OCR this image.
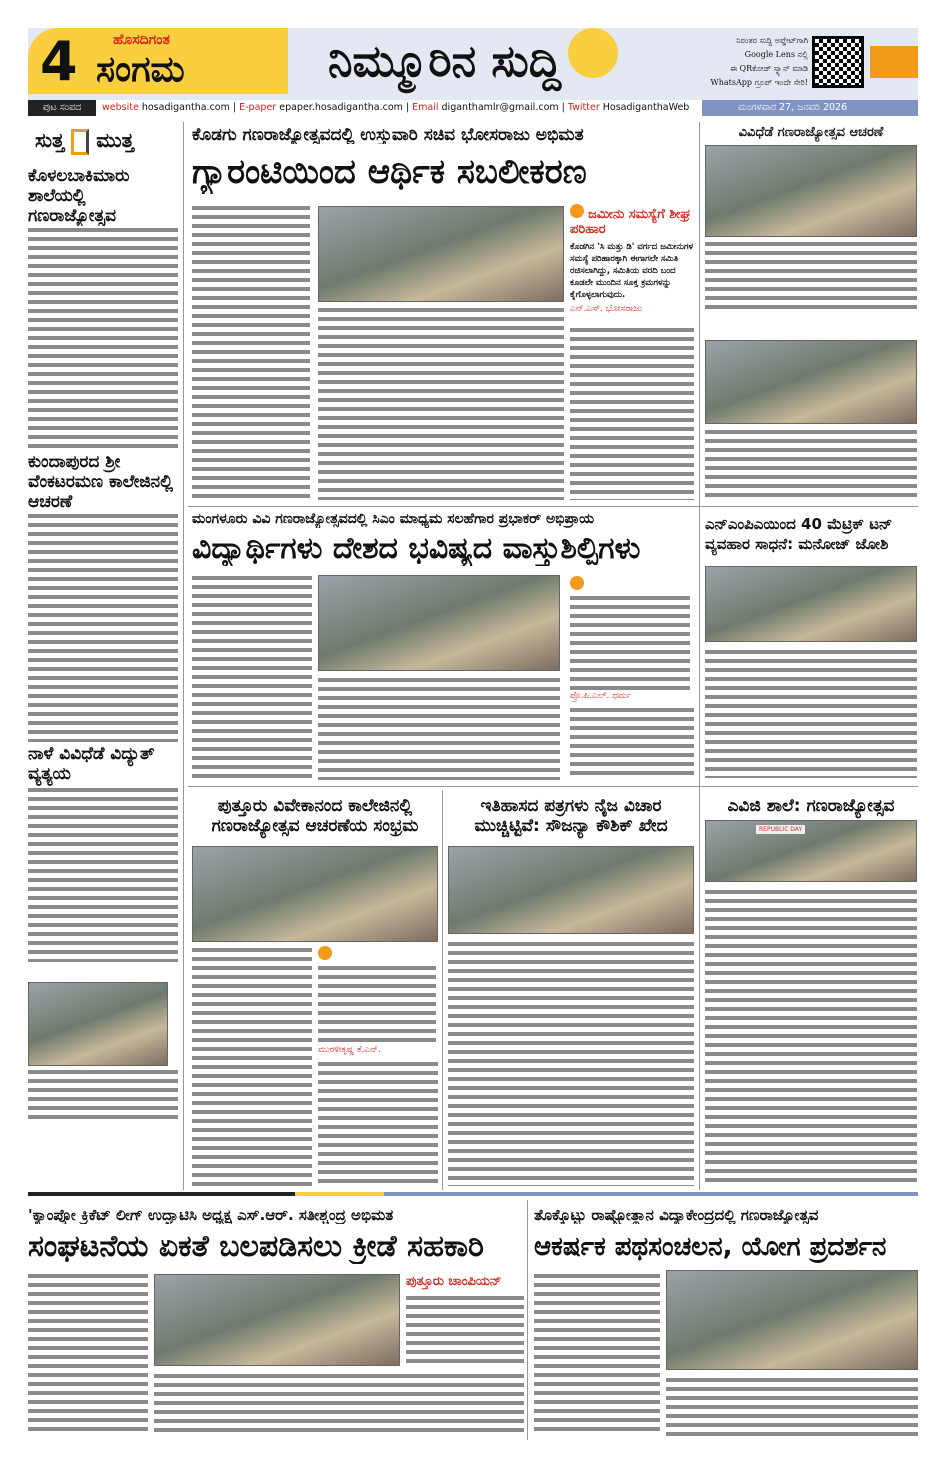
4	ಹೊಸದಿಗಂತ
ಸಂಗಮ	ನಿಮ್ಮೂರಿನ ಸುದ್ದಿ	ನಿರಂತರ ಸುದ್ದಿ ಅಪ್ಡೇಟ್‌ಗಾಗಿ
Google Lens ನಲ್ಲಿ
ಈ QRಕೋಡ್ ಸ್ಕ್ಯಾನ್ ಮಾಡಿ
WhatsApp ಗ್ರೂಪ್ ಇಂದೇ ಸೇರಿ!
ಪುಟ ಸಂಪದ	website hosadigantha.com | E-paper epaper.hosadigantha.com | Email diganthamlr@gmail.com | Twitter HosadiganthaWeb	ಮಂಗಳವಾರ 27, ಜನವರಿ 2026
ಸುತ್ತ ಮುತ್ತ
ಕೊಳಲಬಾಕಿಮಾರು ಶಾಲೆಯಲ್ಲಿ ಗಣರಾಜ್ಯೋತ್ಸವ
ಕುಂದಾಪುರದ ಶ್ರೀ ವೆಂಕಟರಮಣ ಕಾಲೇಜಿನಲ್ಲಿ ಆಚರಣೆ
ನಾಳೆ ವಿವಿಧೆಡೆ ವಿದ್ಯುತ್ ವ್ಯತ್ಯಯ
ಕೊಡಗು ಗಣರಾಜ್ಯೋತ್ಸವದಲ್ಲಿ ಉಸ್ತುವಾರಿ ಸಚಿವ ಭೋಸರಾಜು ಅಭಿಮತ
ಗ್ಯಾರಂಟಿಯಿಂದ ಆರ್ಥಿಕ ಸಬಲೀಕರಣ
ಜಮೀನು ಸಮಸ್ಯೆಗೆ ಶೀಘ್ರ ಪರಿಹಾರ
ಕೊಡಗಿನ 'ಸಿ ಮತ್ತು ಡಿ' ವರ್ಗದ ಜಮೀನುಗಳ ಸಮಸ್ಯೆ ಪರಿಹಾರಕ್ಕಾಗಿ ಈಗಾಗಲೇ ಸಮಿತಿ ರಚಿಸಲಾಗಿದ್ದು, ಸಮಿತಿಯ ವರದಿ ಬಂದ ಕೂಡಲೇ ಮುಂದಿನ ಸೂಕ್ತ ಕ್ರಮಗಳನ್ನು ಕೈಗೊಳ್ಳಲಾಗುವುದು.
ಎನ್.ಎಸ್. ಭೋಸರಾಜು
ವಿವಿಧೆಡೆ ಗಣರಾಜ್ಯೋತ್ಸವ ಆಚರಣೆ
ಮಂಗಳೂರು ವಿವಿ ಗಣರಾಜ್ಯೋತ್ಸವದಲ್ಲಿ ಸಿಎಂ ಮಾಧ್ಯಮ ಸಲಹೆಗಾರ ಪ್ರಭಾಕರ್ ಅಭಿಪ್ರಾಯ
ವಿದ್ಯಾರ್ಥಿಗಳು ದೇಶದ ಭವಿಷ್ಯದ ವಾಸ್ತುಶಿಲ್ಪಿಗಳು
ಪ್ರೊ.ಪಿ.ಎಲ್. ಧರ್ಮ
ಎನ್‌ಎಂಪಿಎಯಿಂದ 40 ಮೆಟ್ರಿಕ್ ಟನ್ ವ್ಯವಹಾರ ಸಾಧನೆ: ಮನೋಜ್ ಜೋಶಿ
ಪುತ್ತೂರು ವಿವೇಕಾನಂದ ಕಾಲೇಜಿನಲ್ಲಿ ಗಣರಾಜ್ಯೋತ್ಸವ ಆಚರಣೆಯ ಸಂಭ್ರಮ
ಮುರಳೀಕೃಷ್ಣ ಕೆ.ಎನ್.
ಇತಿಹಾಸದ ಪತ್ರಗಳು ನೈಜ ವಿಚಾರ ಮುಚ್ಚಿಟ್ಟಿವೆ: ಸೌಜನ್ಯಾ ಕೌಶಿಕ್ ಖೇದ
ಎವಿಜಿ ಶಾಲೆ: ಗಣರಾಜ್ಯೋತ್ಸವ
REPUBLIC DAY
'ಕ್ಯಾಂಪ್ಕೋ ಕ್ರಿಕೆಟ್ ಲೀಗ್ ಉದ್ಘಾಟಿಸಿ ಅಧ್ಯಕ್ಷ ಎಸ್.ಆರ್. ಸತೀಶ್ಚಂದ್ರ ಅಭಿಮತ
ಸಂಘಟನೆಯ ಏಕತೆ ಬಲಪಡಿಸಲು ಕ್ರೀಡೆ ಸಹಕಾರಿ
ಪುತ್ತೂರು ಚಾಂಪಿಯನ್
ತೊಕ್ಕೊಟ್ಟು ರಾಷ್ಟ್ರೋತ್ಥಾನ ವಿದ್ಯಾಕೇಂದ್ರದಲ್ಲಿ ಗಣರಾಜ್ಯೋತ್ಸವ
ಆಕರ್ಷಕ ಪಥಸಂಚಲನ, ಯೋಗ ಪ್ರದರ್ಶನ
